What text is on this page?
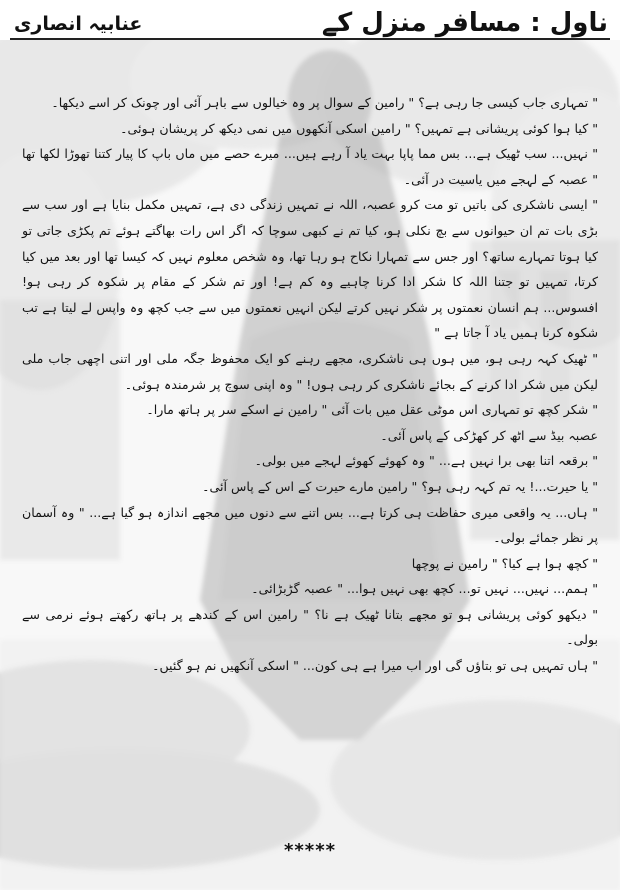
ناول : مسافر منزل کے
عنابیہ انصاری

" تمہاری جاب کیسی جا رہی ہے؟ " رامین کے سوال پر وہ خیالوں سے باہر آئی اور چونک کر اسے دیکھا۔

" کیا ہوا کوئی پریشانی ہے تمہیں؟ " رامین اسکی آنکھوں میں نمی دیکھ کر پریشان ہوئی۔

" نہیں... سب ٹھیک ہے... بس مما پاپا بہت یاد آ رہے ہیں... میرے حصے میں ماں باپ کا پیار کتنا تھوڑا لکھا تھا " عصبہ کے لہجے میں یاسیت در آئی۔

" ایسی ناشکری کی باتیں تو مت کرو عصبہ، اللہ نے تمہیں زندگی دی ہے، تمہیں مکمل بنایا ہے اور سب سے بڑی بات تم ان حیوانوں سے بچ نکلی ہو، کیا تم نے کبھی سوچا کہ اگر اس رات بھاگتے ہوئے تم پکڑی جاتی تو کیا ہوتا تمہارے ساتھ؟ اور جس سے تمہارا نکاح ہو رہا تھا، وہ شخص معلوم نہیں کہ کیسا تھا اور بعد میں کیا کرتا، تمہیں تو جتنا اللہ کا شکر ادا کرنا چاہیے وہ کم ہے! اور تم شکر کے مقام پر شکوہ کر رہی ہو! افسوس... ہم انسان نعمتوں پر شکر نہیں کرتے لیکن انہیں نعمتوں میں سے جب کچھ وہ واپس لے لیتا ہے تب شکوہ کرنا ہمیں یاد آ جاتا ہے "

" ٹھیک کہہ رہی ہو، میں ہوں ہی ناشکری، مجھے رہنے کو ایک محفوظ جگہ ملی اور اتنی اچھی جاب ملی لیکن میں شکر ادا کرنے کے بجائے ناشکری کر رہی ہوں! " وہ اپنی سوچ پر شرمندہ ہوئی۔

" شکر کچھ تو تمہاری اس موٹی عقل میں بات آئی " رامین نے اسکے سر پر ہاتھ مارا۔

عصبہ بیڈ سے اٹھ کر کھڑکی کے پاس آئی۔

" برقعہ اتنا بھی برا نہیں ہے... " وہ کھوئے کھوئے لہجے میں بولی۔

" یا حیرت...! یہ تم کہہ رہی ہو؟ " رامین مارے حیرت کے اس کے پاس آئی۔

" ہاں... یہ واقعی میری حفاظت ہی کرتا ہے... بس اتنے سے دنوں میں مجھے اندازہ ہو گیا ہے... " وہ آسمان پر نظر جمائے بولی۔

" کچھ ہوا ہے کیا؟ " رامین نے پوچھا

" ہمم... نہیں... نہیں تو... کچھ بھی نہیں ہوا... " عصبہ گڑبڑائی۔

" دیکھو کوئی پریشانی ہو تو مجھے بتانا ٹھیک ہے نا؟ " رامین اس کے کندھے پر ہاتھ رکھتے ہوئے نرمی سے بولی۔

" ہاں تمہیں ہی تو بتاؤں گی اور اب میرا ہے ہی کون... " اسکی آنکھیں نم ہو گئیں۔

*****
